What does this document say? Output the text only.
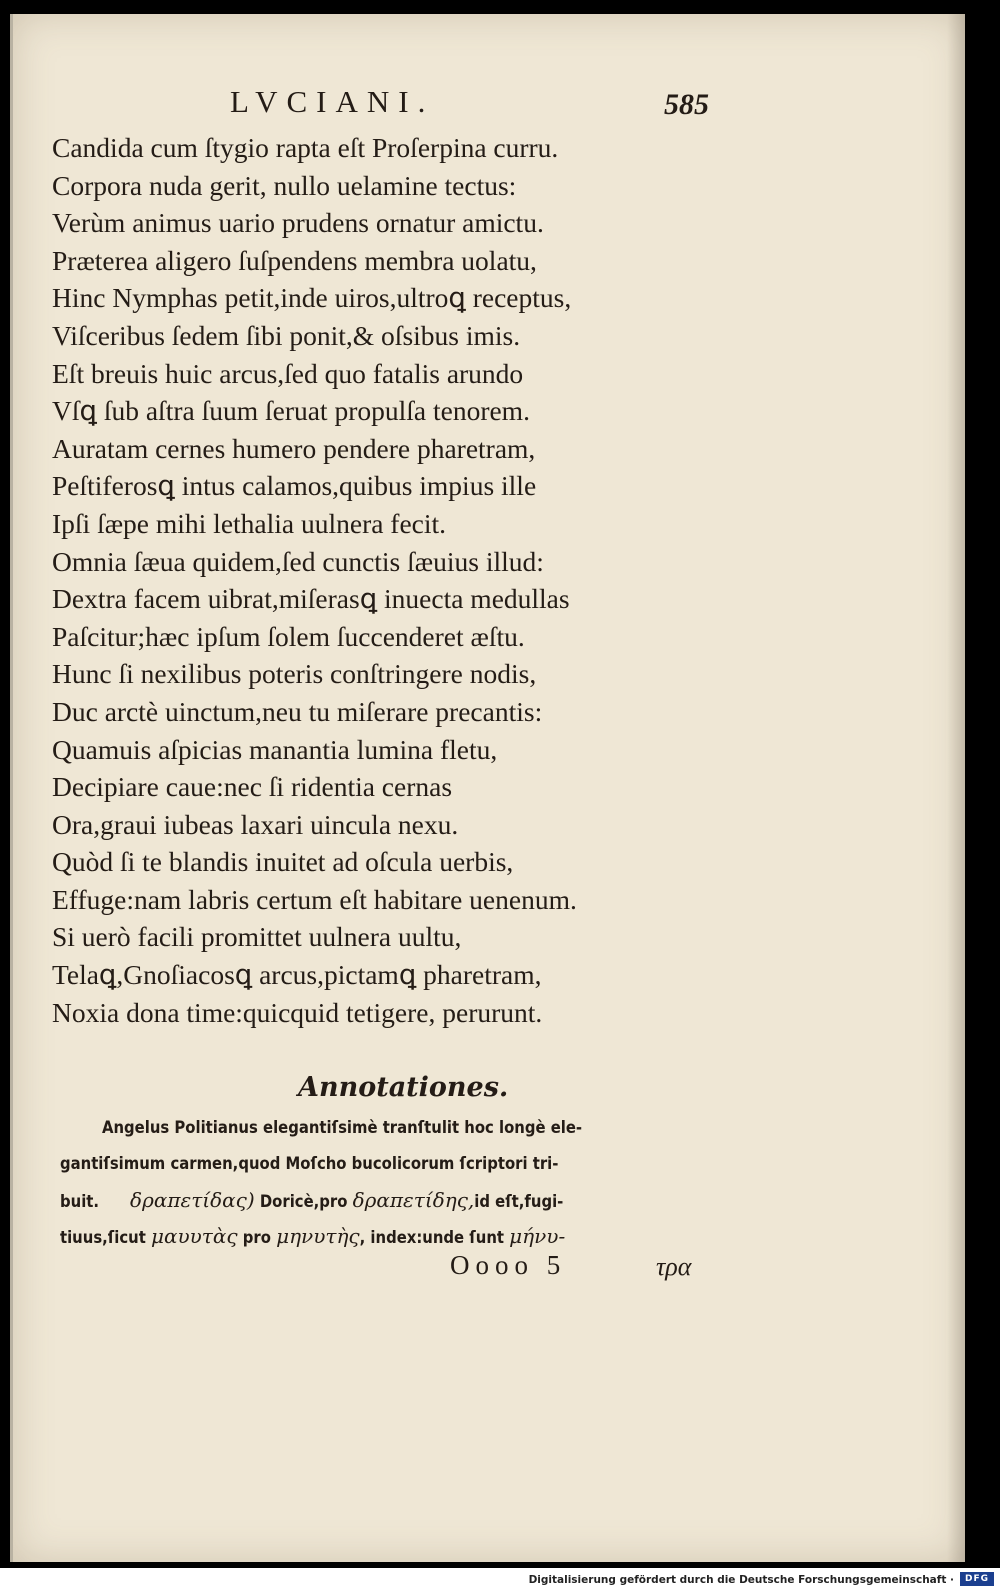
LVCIANI.	585
Candida cum ſtygio rapta eſt Proſerpina curru.
Corpora nuda gerit, nullo uelamine tectus:
Verùm animus uario prudens ornatur amictu.
Præterea aligero ſuſpendens membra uolatu,
Hinc Nymphas petit,inde uiros,ultroꝗ receptus,
Viſceribus ſedem ſibi ponit,& oſsibus imis.
Eſt breuis huic arcus,ſed quo fatalis arundo
Vſꝗ ſub aſtra ſuum ſeruat propulſa tenorem.
Auratam cernes humero pendere pharetram,
Peſtiferosꝗ intus calamos,quibus impius ille
Ipſi ſæpe mihi lethalia uulnera fecit.
Omnia ſæua quidem,ſed cunctis ſæuius illud:
Dextra facem uibrat,miſerasꝗ inuecta medullas
Paſcitur;hæc ipſum ſolem ſuccenderet æſtu.
Hunc ſi nexilibus poteris conſtringere nodis,
Duc arctè uinctum,neu tu miſerare precantis:
Quamuis aſpicias manantia lumina fletu,
Decipiare caue:nec ſi ridentia cernas
Ora,graui iubeas laxari uincula nexu.
Quòd ſi te blandis inuitet ad oſcula uerbis,
Effuge:nam labris certum eſt habitare uenenum.
Si uerò facili promittet uulnera uultu,
Telaꝗ,Gnoſiacosꝗ arcus,pictamꝗ pharetram,
Noxia dona time:quicquid tetigere, perurunt.
Annotationes.
Angelus Politianus elegantiſsimè tranſtulit hoc longè ele-
gantiſsimum carmen,quod Moſcho bucolicorum ſcriptori tri-
buit. δραπετίδας) Doricè,pro δραπετίδης,id eſt,fugi-
tiuus,ſicut μαυυτὰς pro μηνυτὴς, index:unde ſunt μήνυ-
Oooo 5	τρα
Digitalisierung gefördert durch die Deutsche Forschungsgemeinschaft ·	DFG
